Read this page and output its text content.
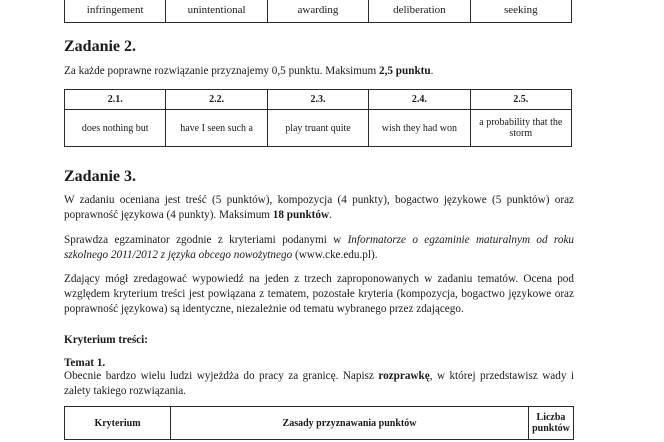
infringement	unintentional	awarding	deliberation	seeking
Zadanie 2.

Za każde poprawne rozwiązanie przyznajemy 0,5 punktu. Maksimum 2,5 punktu.

2.1.	2.2.	2.3.	2.4.	2.5.
does nothing but	have I seen such a	play truant quite	wish they had won	a probability that the storm
Zadanie 3.

W zadaniu oceniana jest treść (5 punktów), kompozycja (4 punkty), bogactwo językowe (5 punktów) oraz poprawność językowa (4 punkty). Maksimum 18 punktów.

Sprawdza egzaminator zgodnie z kryteriami podanymi w Informatorze o egzaminie maturalnym od roku szkolnego 2011/2012 z języka obcego nowożytnego (www.cke.edu.pl).

Zdający mógł zredagować wypowiedź na jeden z trzech zaproponowanych w zadaniu tematów. Ocena pod względem kryterium treści jest powiązana z tematem, pozostałe kryteria (kompozycja, bogactwo językowe oraz poprawność językowa) są identyczne, niezależnie od tematu wybranego przez zdającego.

Kryterium treści:

Temat 1.

Obecnie bardzo wielu ludzi wyjeżdża do pracy za granicę. Napisz rozprawkę, w której przedstawisz wady i zalety takiego rozwiązania.

Kryterium	Zasady przyznawania punktów	Liczba punktów
